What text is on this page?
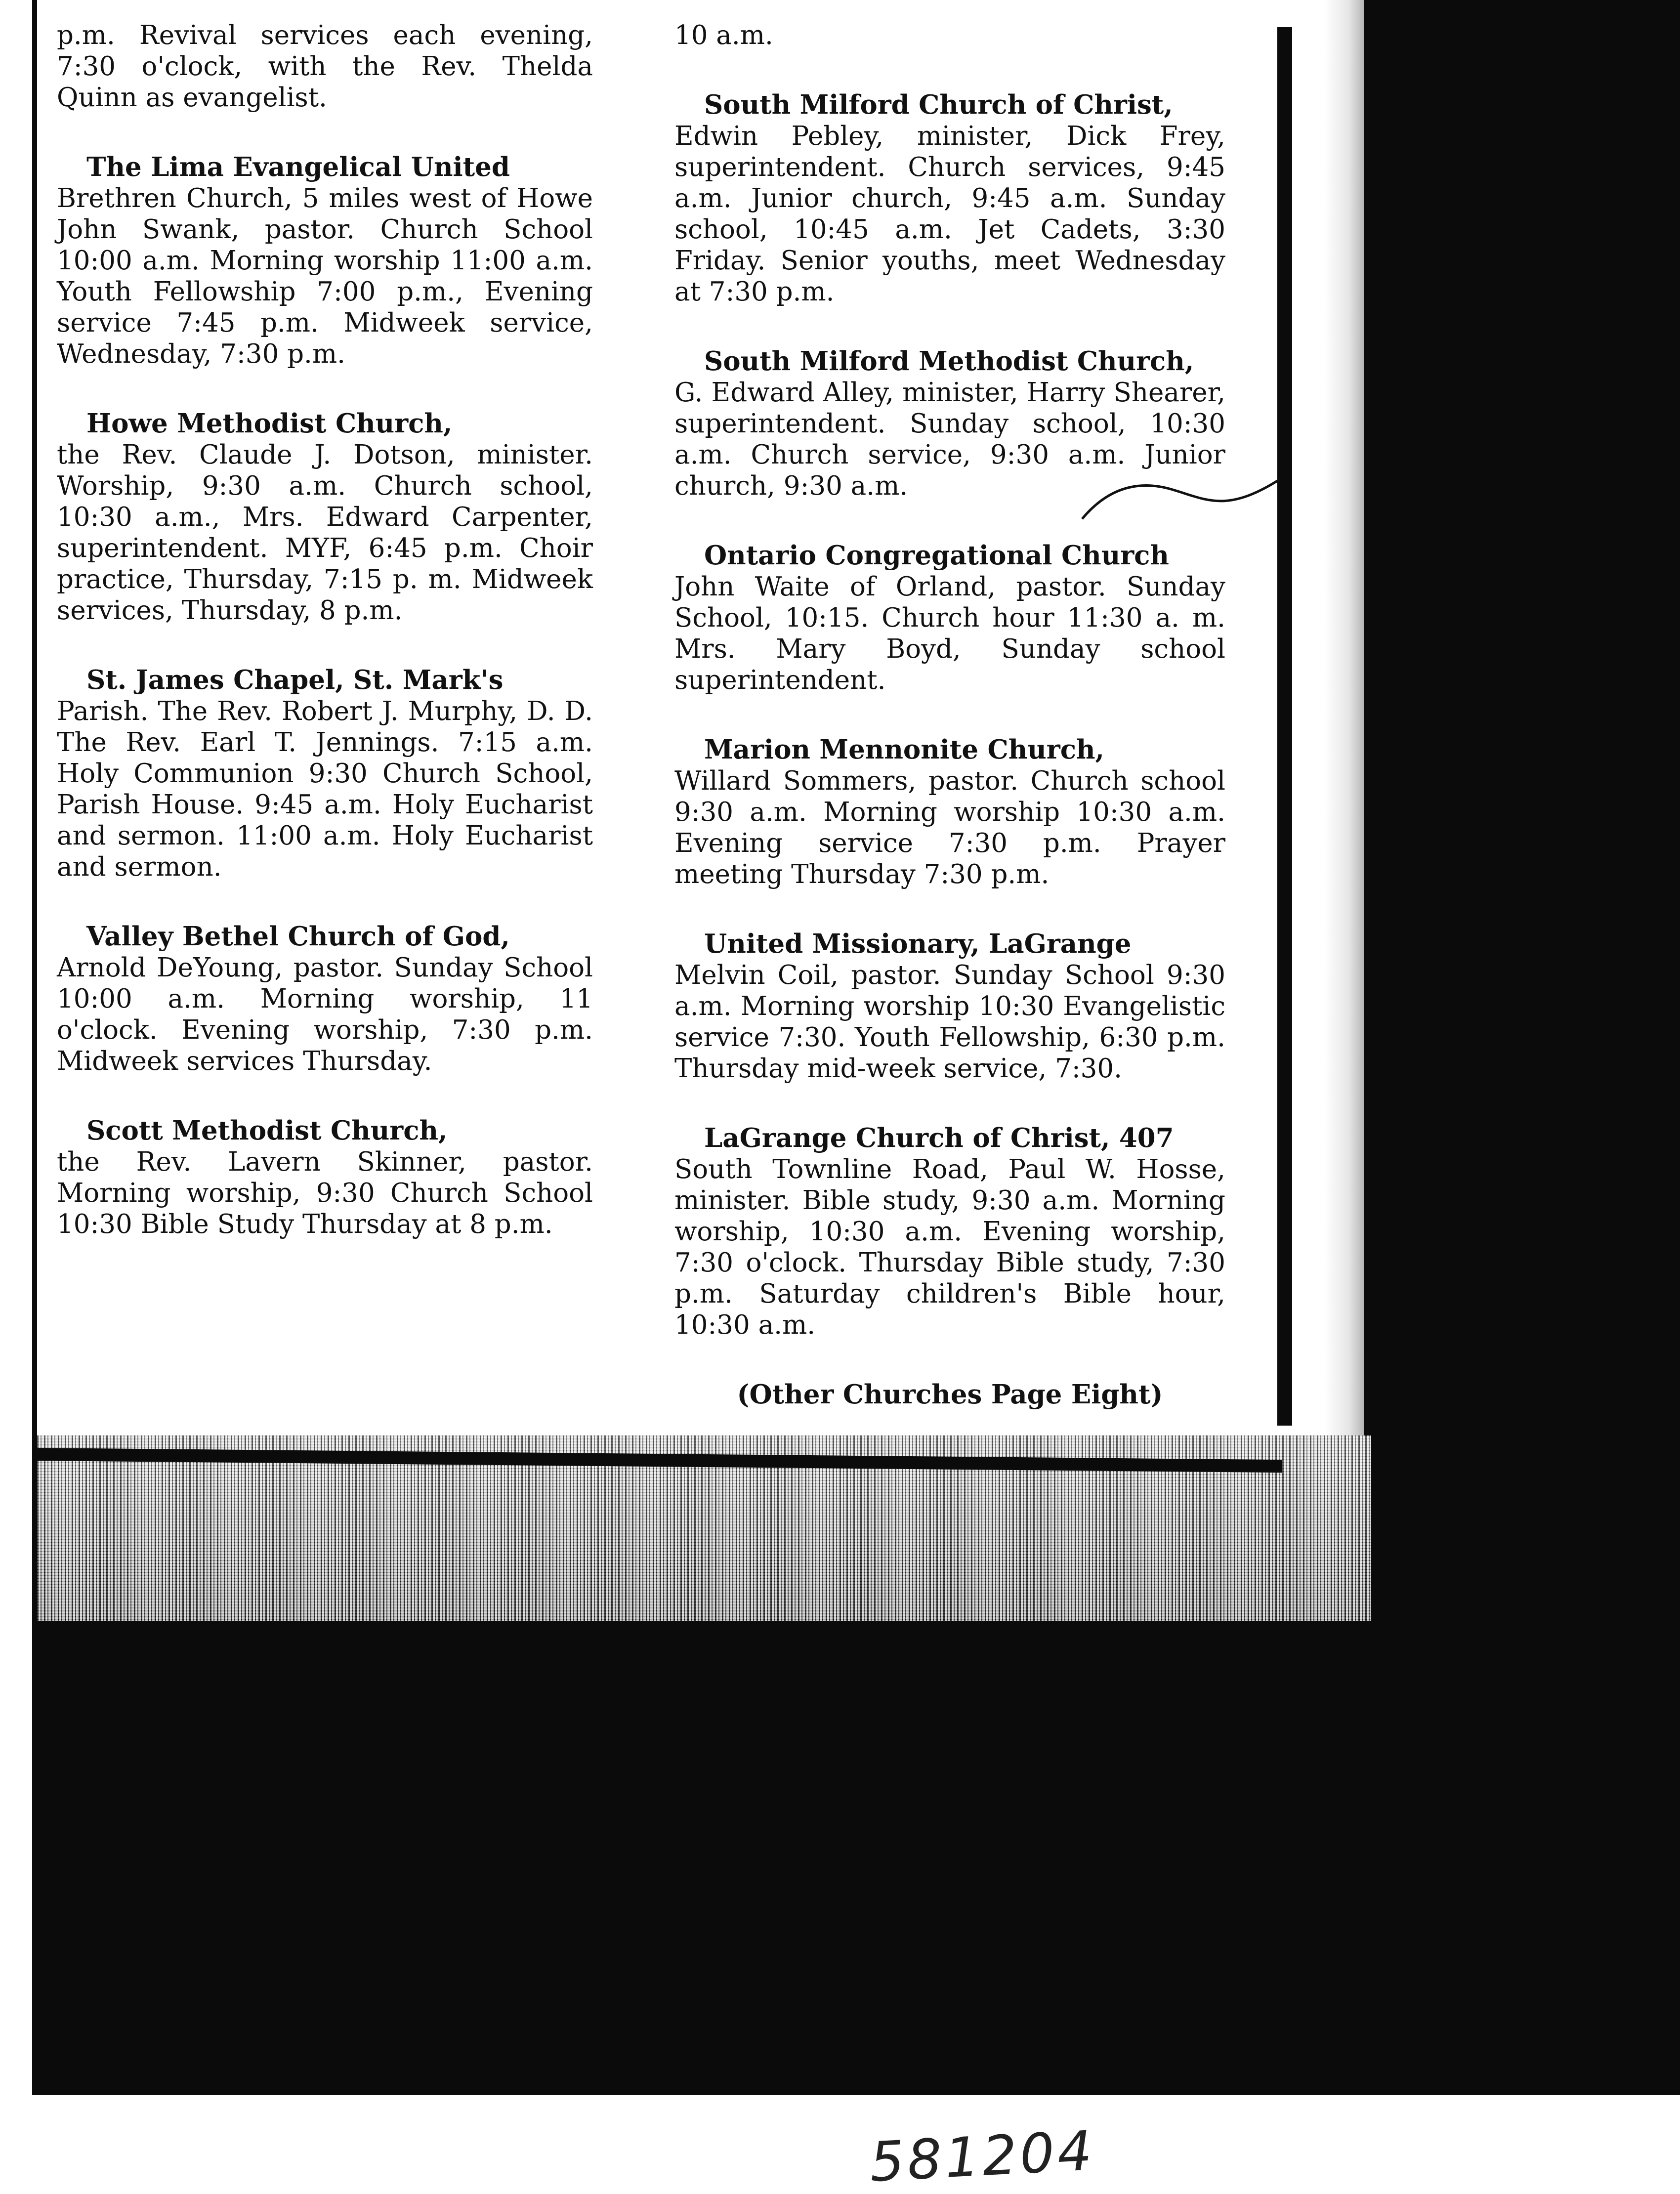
p.m. Revival services each evening, 7:30 o'clock, with the Rev. Thelda Quinn as evangelist.

The Lima Evangelical United

Brethren Church, 5 miles west of Howe John Swank, pastor. Church School 10:00 a.m. Morning worship 11:00 a.m. Youth Fellowship 7:00 p.m., Evening service 7:45 p.m. Midweek service, Wednesday, 7:30 p.m.

Howe Methodist Church,

the Rev. Claude J. Dotson, minister. Worship, 9:30 a.m. Church school, 10:30 a.m., Mrs. Edward Carpenter, superintendent. MYF, 6:45 p.m. Choir practice, Thursday, 7:15 p. m. Midweek services, Thursday, 8 p.m.

St. James Chapel, St. Mark's

Parish. The Rev. Robert J. Murphy, D. D. The Rev. Earl T. Jennings. 7:15 a.m. Holy Communion 9:30 Church School, Parish House. 9:45 a.m. Holy Eucharist and sermon. 11:00 a.m. Holy Eucharist and sermon.

Valley Bethel Church of God,

Arnold DeYoung, pastor. Sunday School 10:00 a.m. Morning worship, 11 o'clock. Evening worship, 7:30 p.m. Midweek services Thursday.

Scott Methodist Church,

the Rev. Lavern Skinner, pastor. Morning worship, 9:30 Church School 10:30 Bible Study Thursday at 8 p.m.

10 a.m.

South Milford Church of Christ,

Edwin Pebley, minister, Dick Frey, superintendent. Church services, 9:45 a.m. Junior church, 9:45 a.m. Sunday school, 10:45 a.m. Jet Cadets, 3:30 Friday. Senior youths, meet Wednesday at 7:30 p.m.

South Milford Methodist Church,

G. Edward Alley, minister, Harry Shearer, superintendent. Sunday school, 10:30 a.m. Church service, 9:30 a.m. Junior church, 9:30 a.m.

Ontario Congregational Church

John Waite of Orland, pastor. Sunday School, 10:15. Church hour 11:30 a. m. Mrs. Mary Boyd, Sunday school superintendent.

Marion Mennonite Church,

Willard Sommers, pastor. Church school 9:30 a.m. Morning worship 10:30 a.m. Evening service 7:30 p.m. Prayer meeting Thursday 7:30 p.m.

United Missionary, LaGrange

Melvin Coil, pastor. Sunday School 9:30 a.m. Morning worship 10:30 Evangelistic service 7:30. Youth Fellowship, 6:30 p.m. Thursday mid-week service, 7:30.

LaGrange Church of Christ, 407

South Townline Road, Paul W. Hosse, minister. Bible study, 9:30 a.m. Morning worship, 10:30 a.m. Evening worship, 7:30 o'clock. Thursday Bible study, 7:30 p.m. Saturday children's Bible hour, 10:30 a.m.

(Other Churches Page Eight)

581204
